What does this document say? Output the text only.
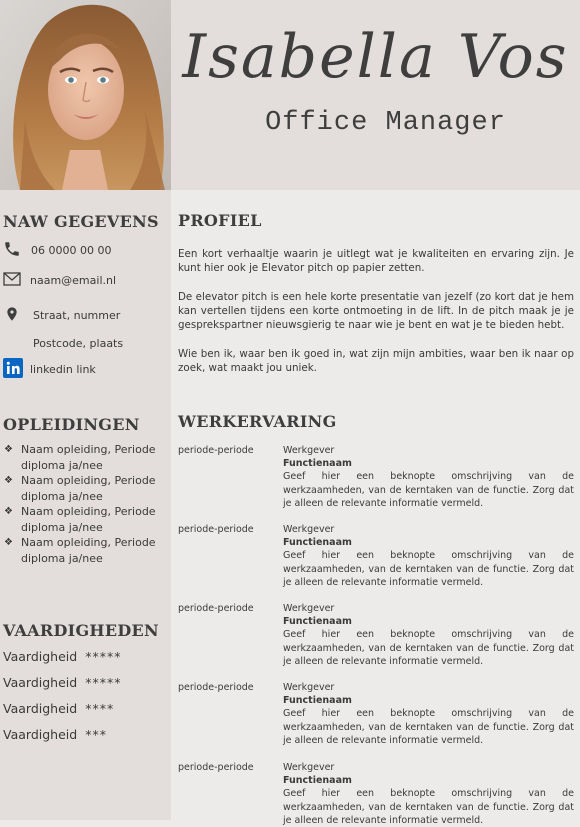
Isabella Vos
Office Manager
NAW GEGEVENS
06 0000 00 00
naam@email.nl
Straat, nummer
Postcode, plaats
linkedin link
OPLEIDINGEN
❖ Naam opleiding, Periode
diploma ja/nee
❖ Naam opleiding, Periode
diploma ja/nee
❖ Naam opleiding, Periode
diploma ja/nee
❖ Naam opleiding, Periode
diploma ja/nee
VAARDIGHEDEN
Vaardigheid *****
Vaardigheid *****
Vaardigheid ****
Vaardigheid ***
PROFIEL

Een kort verhaaltje waarin je uitlegt wat je kwaliteiten en ervaring zijn. Je kunt hier ook je Elevator pitch op papier zetten.

De elevator pitch is een hele korte presentatie van jezelf (zo kort dat je hem kan vertellen tijdens een korte ontmoeting in de lift. In de pitch maak je je gesprekspartner nieuwsgierig te naar wie je bent en wat je te bieden hebt.

Wie ben ik, waar ben ik goed in, wat zijn mijn ambities, waar ben ik naar op zoek, wat maakt jou uniek.

WERKERVARING
periode-periode	Werkgever
Functienaam
Geef hier een beknopte omschrijving van de werkzaamheden, van de kerntaken van de functie. Zorg dat je alleen de relevante informatie vermeld.
periode-periode	Werkgever
Functienaam
Geef hier een beknopte omschrijving van de werkzaamheden, van de kerntaken van de functie. Zorg dat je alleen de relevante informatie vermeld.
periode-periode	Werkgever
Functienaam
Geef hier een beknopte omschrijving van de werkzaamheden, van de kerntaken van de functie. Zorg dat je alleen de relevante informatie vermeld.
periode-periode	Werkgever
Functienaam
Geef hier een beknopte omschrijving van de werkzaamheden, van de kerntaken van de functie. Zorg dat je alleen de relevante informatie vermeld.
periode-periode	Werkgever
Functienaam
Geef hier een beknopte omschrijving van de werkzaamheden, van de kerntaken van de functie. Zorg dat je alleen de relevante informatie vermeld.
